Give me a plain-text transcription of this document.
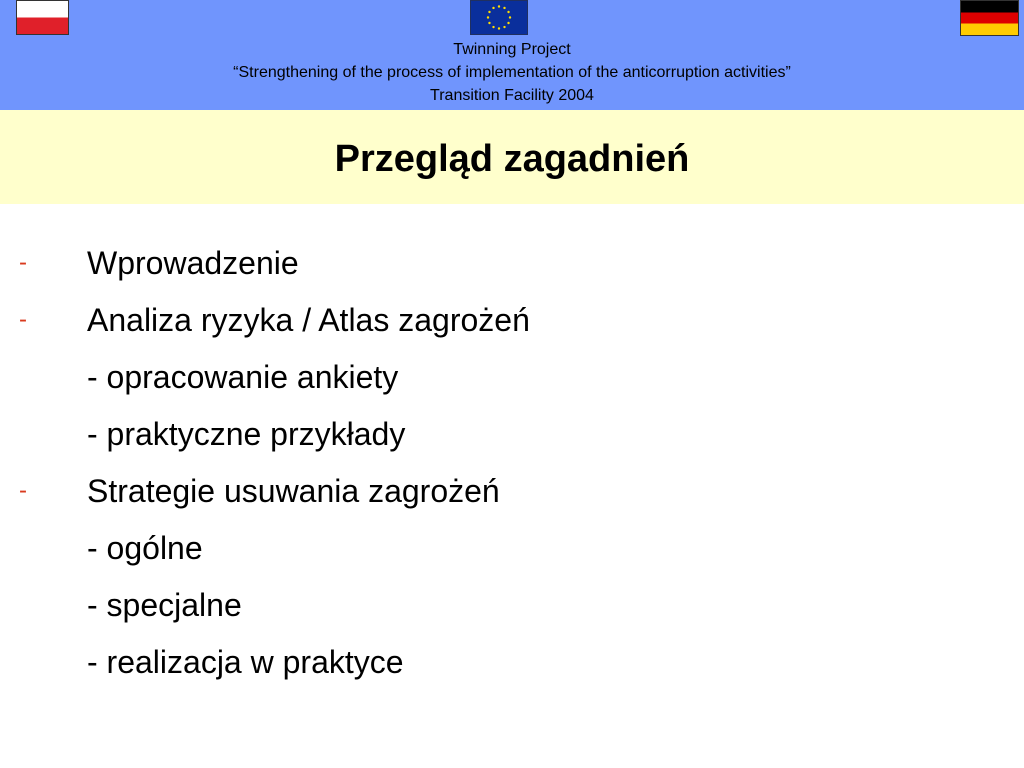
Twinning Project
“Strengthening of the process of implementation of the anticorruption activities”
Transition Facility 2004
Przegląd zagadnień
- Wprowadzenie
- Analiza ryzyka / Atlas zagrożeń
- opracowanie ankiety
- praktyczne przykłady
- Strategie usuwania zagrożeń
- ogólne
- specjalne
- realizacja w praktyce
